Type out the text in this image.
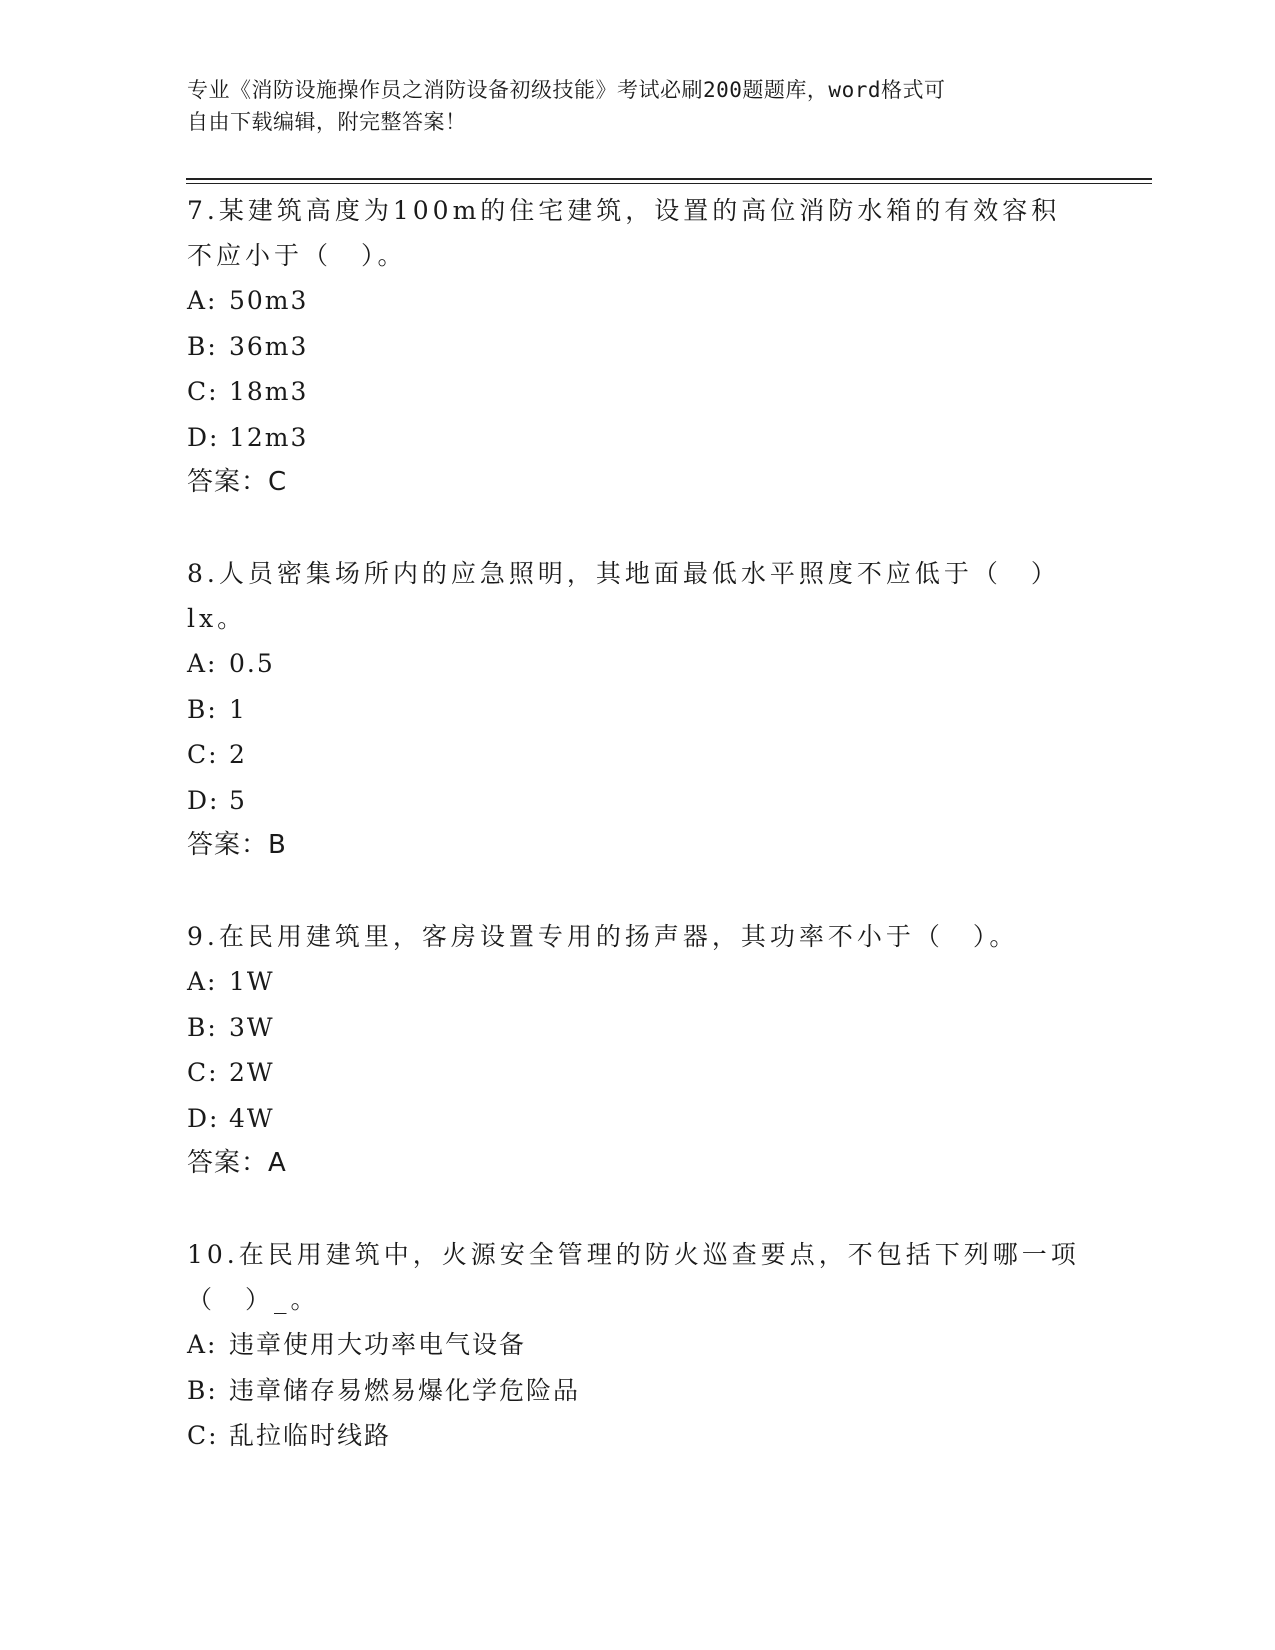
专业《消防设施操作员之消防设备初级技能》考试必刷200题题库，word格式可
自由下载编辑，附完整答案！

7.某建筑高度为100m的住宅建筑，设置的高位消防水箱的有效容积不应小于（　）。

A: 50m3

B: 36m3

C: 18m3

D: 12m3

答案：C

8.人员密集场所内的应急照明，其地面最低水平照度不应低于（　）lx。

A: 0.5

B: 1

C: 2

D: 5

答案：B

9.在民用建筑里，客房设置专用的扬声器，其功率不小于（　）。

A: 1W

B: 3W

C: 2W

D: 4W

答案：A

10.在民用建筑中，火源安全管理的防火巡查要点，不包括下列哪一项（　）_。

A: 违章使用大功率电气设备

B: 违章储存易燃易爆化学危险品

C: 乱拉临时线路
